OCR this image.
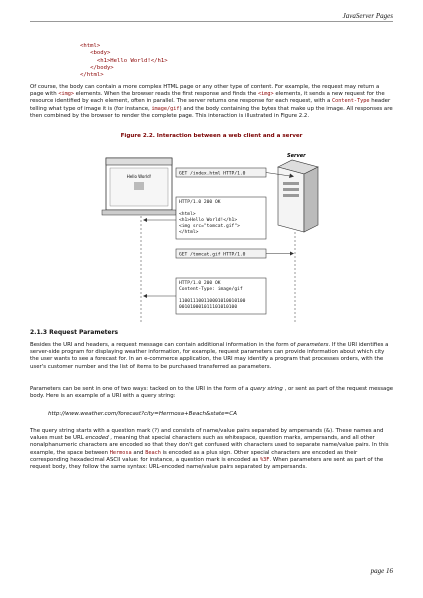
JavaServer Pages
<html>
<body>
<h1>Hello World!</h1>
</body>
</html>
Of course, the body can contain a more complex HTML page or any other type of content. For example, the request may return a page with <img> elements. When the browser reads the first response and finds the <img> elements, it sends a new request for the resource identified by each element, often in parallel. The server returns one response for each request, with a Content-Type header telling what type of image it is (for instance, image/gif) and the body containing the bytes that make up the image. All responses are then combined by the browser to render the complete page. This interaction is illustrated in Figure 2.2.
Figure 2.2. Interaction between a web client and a server
Hello World!
Server
GET /index.html HTTP/1.0
HTTP/1.0 200 OK
<html>
<h1>Hello World!</h1>
<img src="tomcat.gif">
</html>
GET /tomcat.gif HTTP/1.0
HTTP/1.0 200 OK
Content-Type: image/gif
110011100110001010010100
001010001011101010100
2.1.3 Request Parameters
Besides the URI and headers, a request message can contain additional information in the form of parameters. If the URI identifies a server-side program for displaying weather information, for example, request parameters can provide information about which city the user wants to see a forecast for. In an e-commerce application, the URI may identify a program that processes orders, with the user's customer number and the list of items to be purchased transferred as parameters.
Parameters can be sent in one of two ways: tacked on to the URI in the form of a query string , or sent as part of the request message body. Here is an example of a URI with a query string:
http://www.weather.com/forecast?city=Hermosa+Beach&state=CA
The query string starts with a question mark (?) and consists of name/value pairs separated by ampersands (&). These names and values must be URL encoded , meaning that special characters such as whitespace, question marks, ampersands, and all other nonalphanumeric characters are encoded so that they don't get confused with characters used to separate name/value pairs. In this example, the space between Hermosa and Beach is encoded as a plus sign. Other special characters are encoded as their corresponding hexadecimal ASCII value: for instance, a question mark is encoded as %3F. When parameters are sent as part of the request body, they follow the same syntax: URL-encoded name/value pairs separated by ampersands.
page 16
